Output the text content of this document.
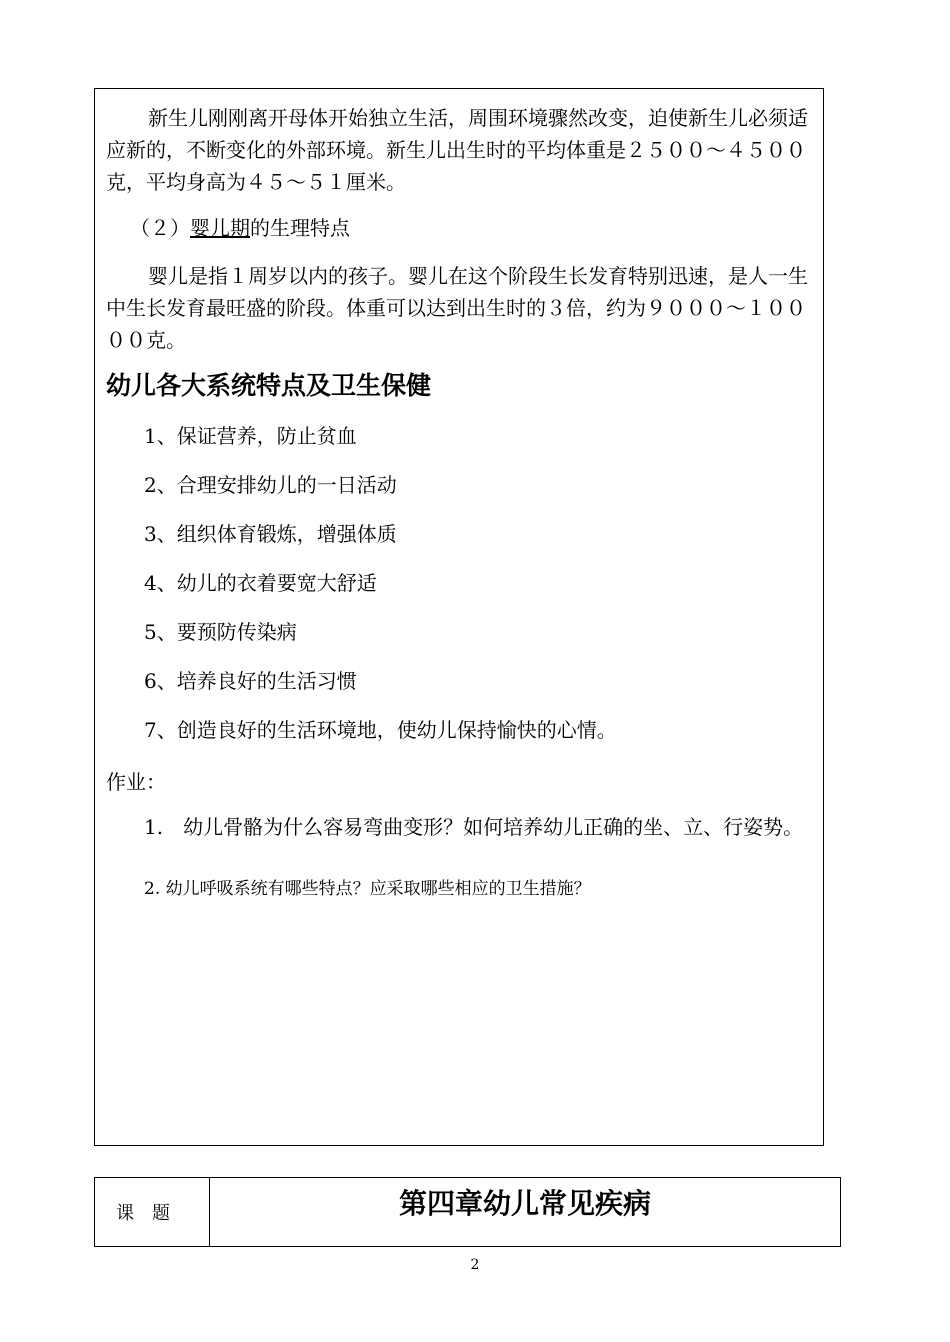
新生儿刚刚离开母体开始独立生活，周围环境骤然改变，迫使新生儿必须适应新的，不断变化的外部环境。新生儿出生时的平均体重是２５００～４５００克，平均身高为４５～５１厘米。

（２）婴儿期的生理特点

婴儿是指１周岁以内的孩子。婴儿在这个阶段生长发育特别迅速，是人一生中生长发育最旺盛的阶段。体重可以达到出生时的３倍，约为９０００～１００００克。

幼儿各大系统特点及卫生保健

1、保证营养，防止贫血

2、合理安排幼儿的一日活动

3、组织体育锻炼，增强体质

4、幼儿的衣着要宽大舒适

5、要预防传染病

6、培养良好的生活习惯

7、创造良好的生活环境地，使幼儿保持愉快的心情。

作业：

1.　幼儿骨骼为什么容易弯曲变形？如何培养幼儿正确的坐、立、行姿势。

2. 幼儿呼吸系统有哪些特点？应采取哪些相应的卫生措施？

课题	第四章幼儿常见疾病
2
